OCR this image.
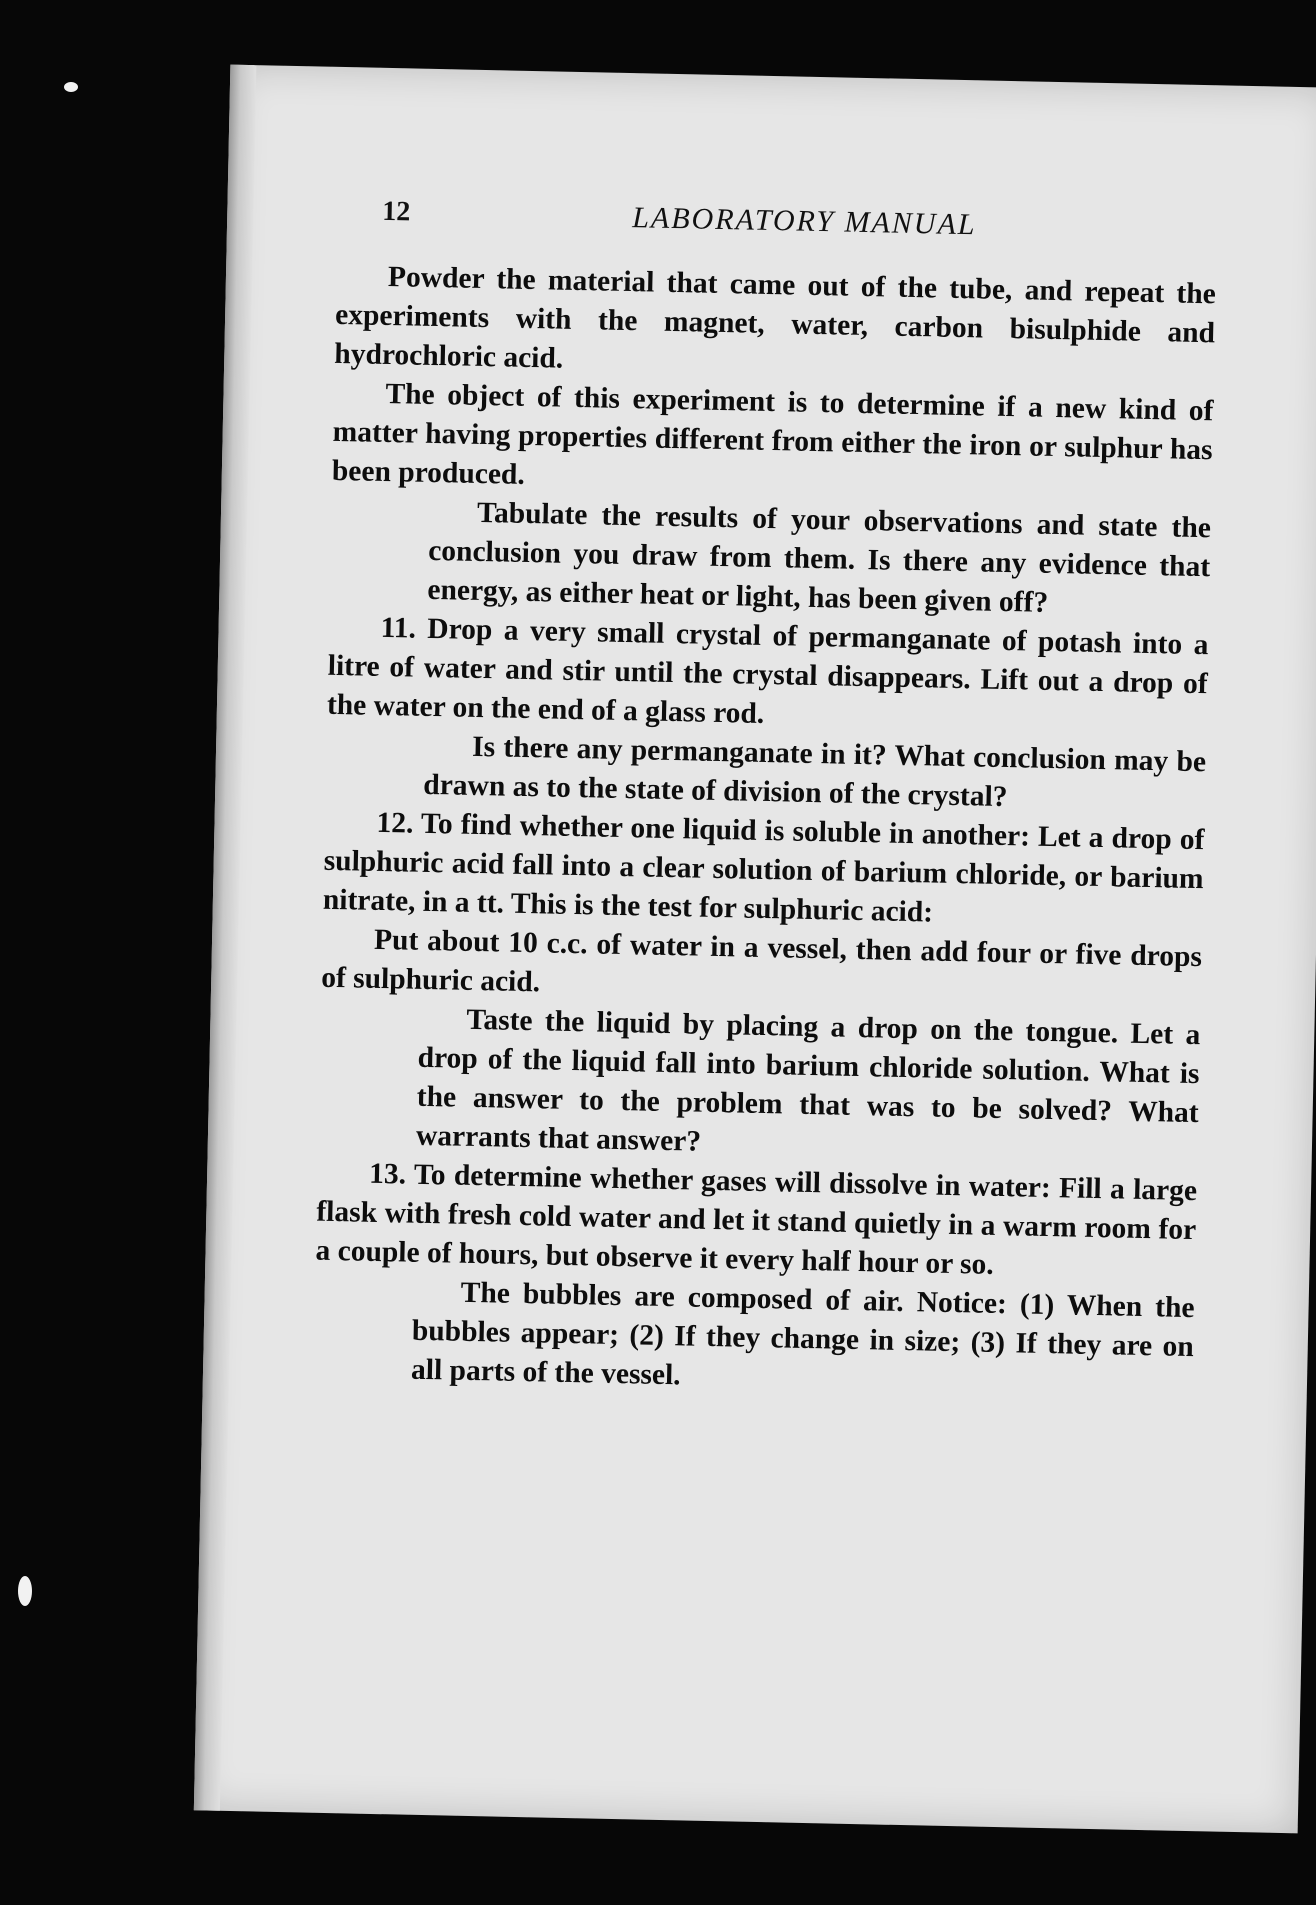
12	LABORATORY MANUAL

Powder the material that came out of the tube, and repeat the experiments with the magnet, water, carbon bisulphide and hydrochloric acid.

The object of this experiment is to determine if a new kind of matter having properties different from either the iron or sulphur has been produced.

Tabulate the results of your observations and state the conclusion you draw from them. Is there any evidence that energy, as either heat or light, has been given off?

11. Drop a very small crystal of permanganate of potash into a litre of water and stir until the crystal disappears. Lift out a drop of the water on the end of a glass rod.

Is there any permanganate in it? What conclusion may be drawn as to the state of division of the crystal?

12. To find whether one liquid is soluble in another: Let a drop of sulphuric acid fall into a clear solution of barium chloride, or barium nitrate, in a tt. This is the test for sulphuric acid:

Put about 10 c.c. of water in a vessel, then add four or five drops of sulphuric acid.

Taste the liquid by placing a drop on the tongue. Let a drop of the liquid fall into barium chloride solution. What is the answer to the problem that was to be solved? What warrants that answer?

13. To determine whether gases will dissolve in water: Fill a large flask with fresh cold water and let it stand quietly in a warm room for a couple of hours, but observe it every half hour or so.

The bubbles are composed of air. Notice: (1) When the bubbles appear; (2) If they change in size; (3) If they are on all parts of the vessel.
